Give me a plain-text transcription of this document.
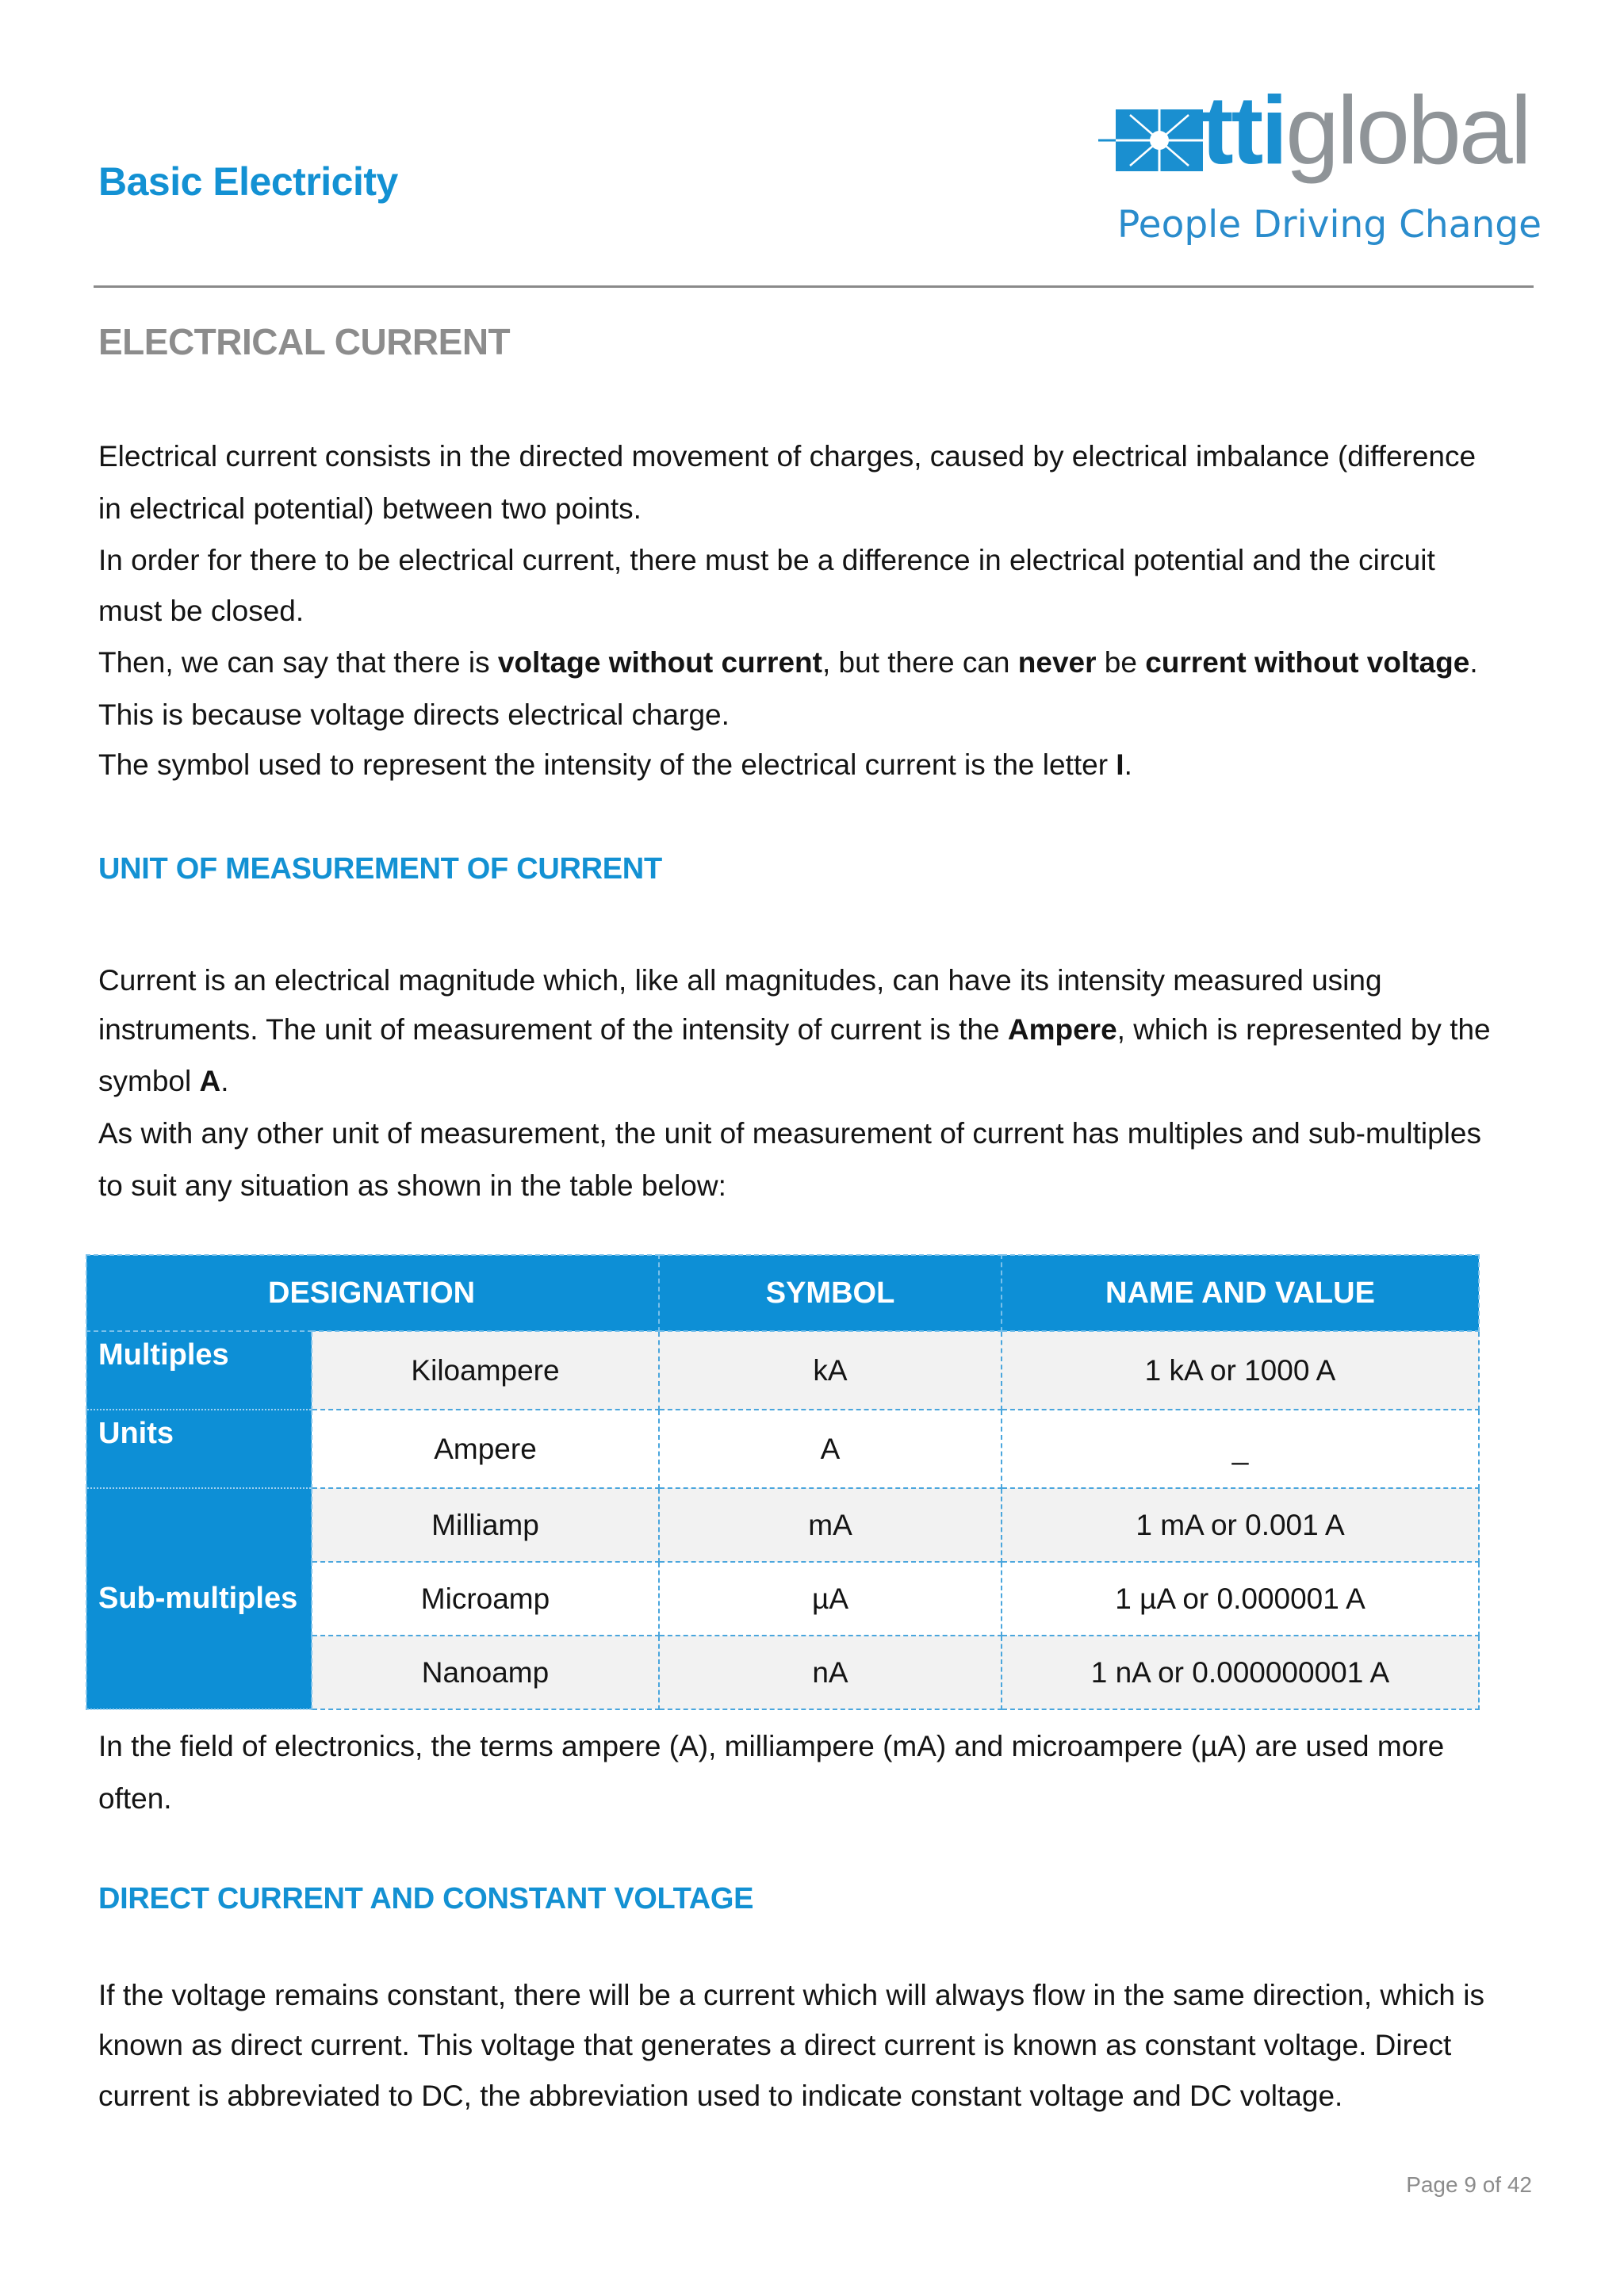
Basic Electricity	ttiglobal
People Driving Change
ELECTRICAL CURRENT
Electrical current consists in the directed movement of charges, caused by electrical imbalance (difference
in electrical potential) between two points.
In order for there to be electrical current, there must be a difference in electrical potential and the circuit
must be closed.
Then, we can say that there is voltage without current, but there can never be current without voltage.
This is because voltage directs electrical charge.
The symbol used to represent the intensity of the electrical current is the letter I.
UNIT OF MEASUREMENT OF CURRENT
Current is an electrical magnitude which, like all magnitudes, can have its intensity measured using
instruments. The unit of measurement of the intensity of current is the Ampere, which is represented by the
symbol A.
As with any other unit of measurement, the unit of measurement of current has multiples and sub-multiples
to suit any situation as shown in the table below:
DESIGNATION		SYMBOL	NAME AND VALUE
Multiples	Kiloampere	kA	1 kA or 1000 A
Units	Ampere	A	_
Sub-multiples	Milliamp	mA	1 mA or 0.001 A
	Microamp	µA	1 µA or 0.000001 A
	Nanoamp	nA	1 nA or 0.000000001 A
In the field of electronics, the terms ampere (A), milliampere (mA) and microampere (µA) are used more
often.
DIRECT CURRENT AND CONSTANT VOLTAGE
If the voltage remains constant, there will be a current which will always flow in the same direction, which is
known as direct current. This voltage that generates a direct current is known as constant voltage. Direct
current is abbreviated to DC, the abbreviation used to indicate constant voltage and DC voltage.
Page 9 of 42
